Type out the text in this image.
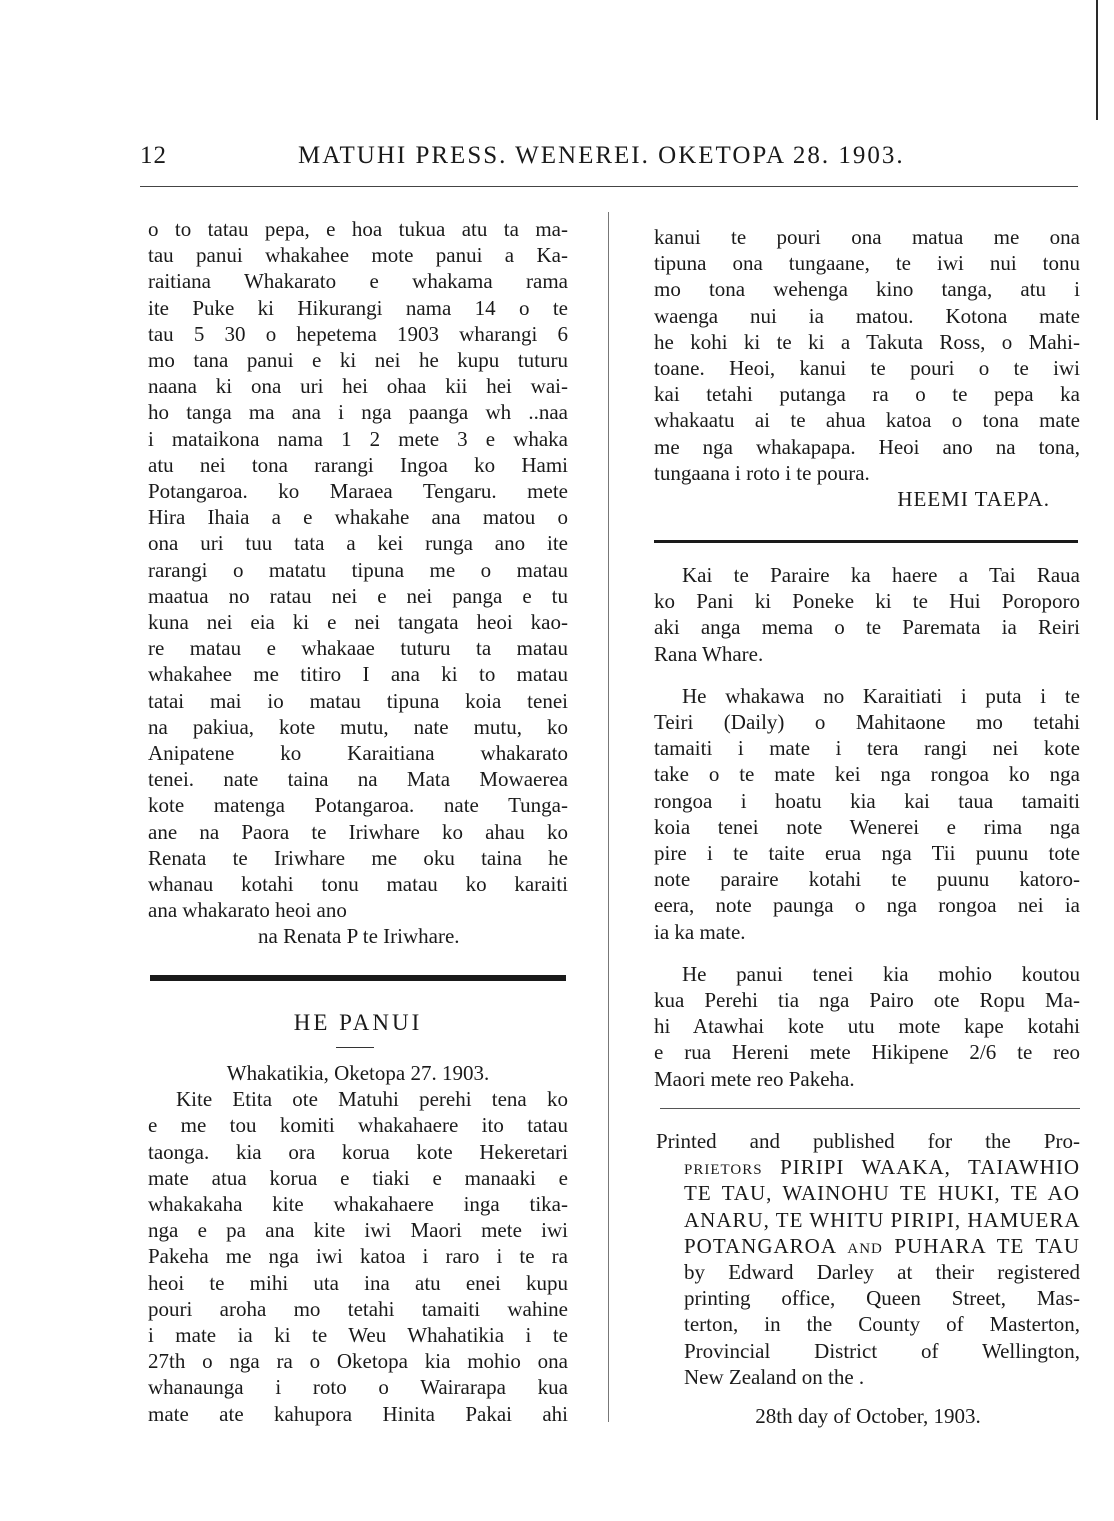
12	MATUHI PRESS. WENEREI. OKETOPA 28. 1903.
o to tatau pepa, e hoa tukua atu ta ma-
tau panui whakahee mote panui a Ka-
raitiana Whakarato e whakama rama
ite Puke ki Hikurangi nama 14 o te
tau 5 30 o hepetema 1903 wharangi 6
mo tana panui e ki nei he kupu tuturu
naana ki ona uri hei ohaa kii hei wai-
ho tanga ma ana i nga paanga wh ..naa
i mataikona nama 1 2 mete 3 e whaka
atu nei tona rarangi Ingoa ko Hami
Potangaroa. ko Maraea Tengaru. mete
Hira Ihaia a e whakahe ana matou o
ona uri tuu tata a kei runga ano ite
rarangi o matatu tipuna me o matau
maatua no ratau nei e nei panga e tu
kuna nei eia ki e nei tangata heoi kao-
re matau e whakaae tuturu ta matau
whakahee me titiro I ana ki to matau
tatai mai io matau tipuna koia tenei
na pakiua, kote mutu, nate mutu, ko
Anipatene ko Karaitiana whakarato
tenei. nate taina na Mata Mowaerea
kote matenga Potangaroa. nate Tunga-
ane na Paora te Iriwhare ko ahau ko
Renata te Iriwhare me oku taina he
whanau kotahi tonu matau ko karaiti
ana whakarato heoi ano
na Renata P te Iriwhare.
HE PANUI
Whakatikia, Oketopa 27. 1903.
Kite Etita ote Matuhi perehi tena ko
e me tou komiti whakahaere ito tatau
taonga. kia ora korua kote Hekeretari
mate atua korua e tiaki e manaaki e
whakakaha kite whakahaere inga tika-
nga e pa ana kite iwi Maori mete iwi
Pakeha me nga iwi katoa i raro i te ra
heoi te mihi uta ina atu enei kupu
pouri aroha mo tetahi tamaiti wahine
i mate ia ki te Weu Whahatikia i te
27th o nga ra o Oketopa kia mohio ona
whanaunga i roto o Wairarapa kua
mate ate kahupora Hinita Pakai ahi
kanui te pouri ona matua me ona
tipuna ona tungaane, te iwi nui tonu
mo tona wehenga kino tanga, atu i
waenga nui ia matou. Kotona mate
he kohi ki te ki a Takuta Ross, o Mahi-
toane. Heoi, kanui te pouri o te iwi
kai tetahi putanga ra o te pepa ka
whakaatu ai te ahua katoa o tona mate
me nga whakapapa. Heoi ano na tona,
tungaana i roto i te poura.
HEEMI TAEPA.
Kai te Paraire ka haere a Tai Raua
ko Pani ki Poneke ki te Hui Poroporo
aki anga mema o te Paremata ia Reiri
Rana Whare.
He whakawa no Karaitiati i puta i te
Teiri (Daily) o Mahitaone mo tetahi
tamaiti i mate i tera rangi nei kote
take o te mate kei nga rongoa ko nga
rongoa i hoatu kia kai taua tamaiti
koia tenei note Wenerei e rima nga
pire i te taite erua nga Tii puunu tote
note paraire kotahi te puunu katoro-
eera, note paunga o nga rongoa nei ia
ia ka mate.
He panui tenei kia mohio koutou
kua Perehi tia nga Pairo ote Ropu Ma-
hi Atawhai kote utu mote kape kotahi
e rua Hereni mete Hikipene 2/6 te reo
Maori mete reo Pakeha.
Printed and published for the Pro-
prietors PIRIPI WAAKA, TAIAWHIO
TE TAU, WAINOHU TE HUKI, TE AO
ANARU, TE WHITU PIRIPI, HAMUERA
POTANGAROA and PUHARA TE TAU
by Edward Darley at their registered
printing office, Queen Street, Mas-
terton, in the County of Masterton,
Provincial District of Wellington,
New Zealand on the .
28th day of October, 1903.
